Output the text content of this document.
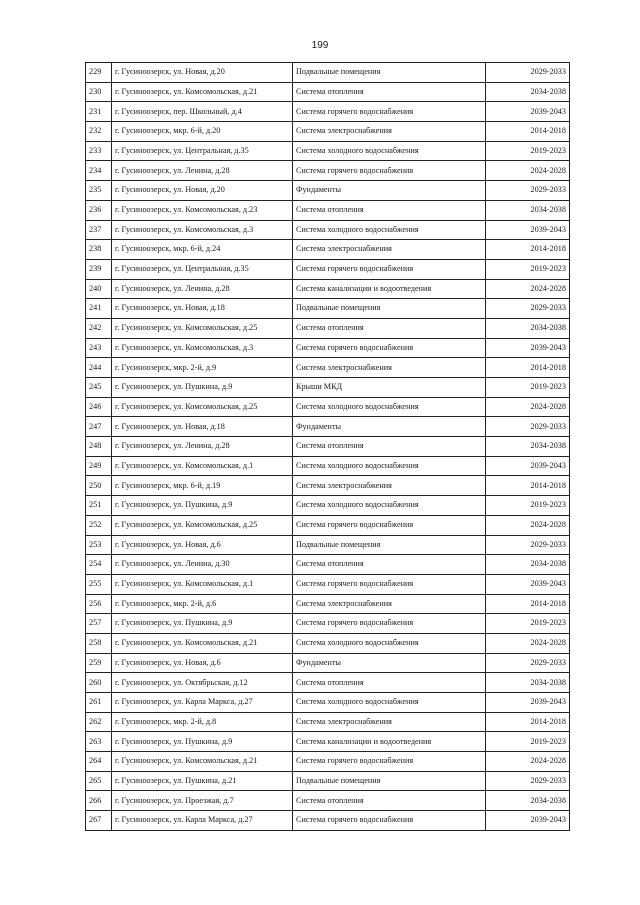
199
229	г. Гусиноозерск, ул. Новая, д.20	Подвальные помещения	2029-2033
230	г. Гусиноозерск, ул. Комсомольская, д.21	Система отопления	2034-2038
231	г. Гусиноозерск, пер. Школьный, д.4	Система горячего водоснабжения	2039-2043
232	г. Гусиноозерск, мкр. 6-й, д.20	Система электроснабжения	2014-2018
233	г. Гусиноозерск, ул. Центральная, д.35	Система холодного водоснабжения	2019-2023
234	г. Гусиноозерск, ул. Ленина, д.28	Система горячего водоснабжения	2024-2028
235	г. Гусиноозерск, ул. Новая, д.20	Фундаменты	2029-2033
236	г. Гусиноозерск, ул. Комсомольская, д.23	Система отопления	2034-2038
237	г. Гусиноозерск, ул. Комсомольская, д.3	Система холодного водоснабжения	2039-2043
238	г. Гусиноозерск, мкр. 6-й, д.24	Система электроснабжения	2014-2018
239	г. Гусиноозерск, ул. Центральная, д.35	Система горячего водоснабжения	2019-2023
240	г. Гусиноозерск, ул. Ленина, д.28	Система канализации и водоотведения	2024-2028
241	г. Гусиноозерск, ул. Новая, д.18	Подвальные помещения	2029-2033
242	г. Гусиноозерск, ул. Комсомольская, д.25	Система отопления	2034-2038
243	г. Гусиноозерск, ул. Комсомольская, д.3	Система горячего водоснабжения	2039-2043
244	г. Гусиноозерск, мкр. 2-й, д.9	Система электроснабжения	2014-2018
245	г. Гусиноозерск, ул. Пушкина, д.9	Крыши МКД	2019-2023
246	г. Гусиноозерск, ул. Комсомольская, д.25	Система холодного водоснабжения	2024-2028
247	г. Гусиноозерск, ул. Новая, д.18	Фундаменты	2029-2033
248	г. Гусиноозерск, ул. Ленина, д.28	Система отопления	2034-2038
249	г. Гусиноозерск, ул. Комсомольская, д.1	Система холодного водоснабжения	2039-2043
250	г. Гусиноозерск, мкр. 6-й, д.19	Система электроснабжения	2014-2018
251	г. Гусиноозерск, ул. Пушкина, д.9	Система холодного водоснабжения	2019-2023
252	г. Гусиноозерск, ул. Комсомольская, д.25	Система горячего водоснабжения	2024-2028
253	г. Гусиноозерск, ул. Новая, д.6	Подвальные помещения	2029-2033
254	г. Гусиноозерск, ул. Ленина, д.30	Система отопления	2034-2038
255	г. Гусиноозерск, ул. Комсомольская, д.1	Система горячего водоснабжения	2039-2043
256	г. Гусиноозерск, мкр. 2-й, д.6	Система электроснабжения	2014-2018
257	г. Гусиноозерск, ул. Пушкина, д.9	Система горячего водоснабжения	2019-2023
258	г. Гусиноозерск, ул. Комсомольская, д.21	Система холодного водоснабжения	2024-2028
259	г. Гусиноозерск, ул. Новая, д.6	Фундаменты	2029-2033
260	г. Гусиноозерск, ул. Октябрьская, д.12	Система отопления	2034-2038
261	г. Гусиноозерск, ул. Карла Маркса, д.27	Система холодного водоснабжения	2039-2043
262	г. Гусиноозерск, мкр. 2-й, д.8	Система электроснабжения	2014-2018
263	г. Гусиноозерск, ул. Пушкина, д.9	Система канализации и водоотведения	2019-2023
264	г. Гусиноозерск, ул. Комсомольская, д.21	Система горячего водоснабжения	2024-2028
265	г. Гусиноозерск, ул. Пушкина, д.21	Подвальные помещения	2029-2033
266	г. Гусиноозерск, ул. Проезжая, д.7	Система отопления	2034-2038
267	г. Гусиноозерск, ул. Карла Маркса, д.27	Система горячего водоснабжения	2039-2043
